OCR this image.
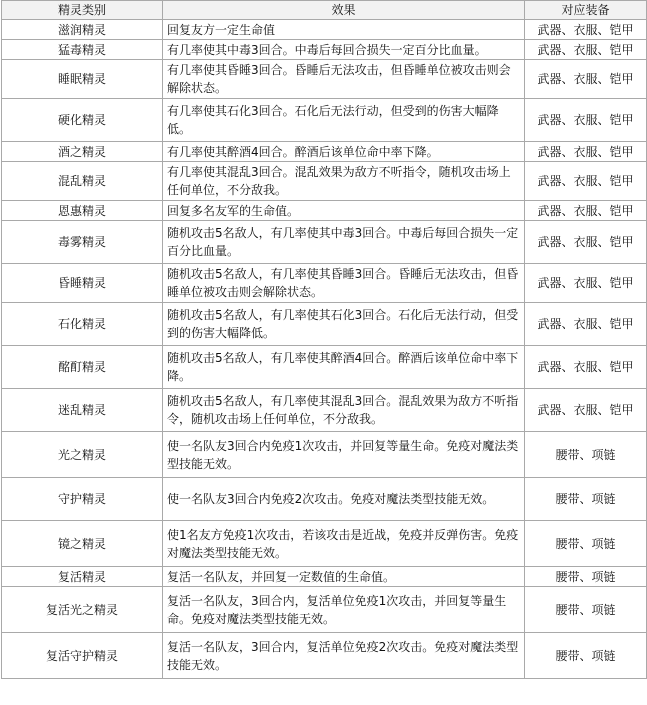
精灵类别	效果	对应装备
滋润精灵	回复友方一定生命值	武器、衣服、铠甲
猛毒精灵	有几率使其中毒3回合。中毒后每回合损失一定百分比血量。	武器、衣服、铠甲
睡眠精灵	有几率使其昏睡3回合。昏睡后无法攻击，但昏睡单位被攻击则会解除状态。	武器、衣服、铠甲
硬化精灵	有几率使其石化3回合。石化后无法行动，但受到的伤害大幅降低。	武器、衣服、铠甲
酒之精灵	有几率使其醉酒4回合。醉酒后该单位命中率下降。	武器、衣服、铠甲
混乱精灵	有几率使其混乱3回合。混乱效果为敌方不听指令，随机攻击场上任何单位，不分敌我。	武器、衣服、铠甲
恩惠精灵	回复多名友军的生命值。	武器、衣服、铠甲
毒雾精灵	随机攻击5名敌人，有几率使其中毒3回合。中毒后每回合损失一定百分比血量。	武器、衣服、铠甲
昏睡精灵	随机攻击5名敌人，有几率使其昏睡3回合。昏睡后无法攻击，但昏睡单位被攻击则会解除状态。	武器、衣服、铠甲
石化精灵	随机攻击5名敌人，有几率使其石化3回合。石化后无法行动，但受到的伤害大幅降低。	武器、衣服、铠甲
酩酊精灵	随机攻击5名敌人，有几率使其醉酒4回合。醉酒后该单位命中率下降。	武器、衣服、铠甲
迷乱精灵	随机攻击5名敌人，有几率使其混乱3回合。混乱效果为敌方不听指令，随机攻击场上任何单位，不分敌我。	武器、衣服、铠甲
光之精灵	使一名队友3回合内免疫1次攻击，并回复等量生命。免疫对魔法类型技能无效。	腰带、项链
守护精灵	使一名队友3回合内免疫2次攻击。免疫对魔法类型技能无效。	腰带、项链
镜之精灵	使1名友方免疫1次攻击，若该攻击是近战，免疫并反弹伤害。免疫对魔法类型技能无效。	腰带、项链
复活精灵	复活一名队友，并回复一定数值的生命值。	腰带、项链
复活光之精灵	复活一名队友，3回合内，复活单位免疫1次攻击，并回复等量生命。免疫对魔法类型技能无效。	腰带、项链
复活守护精灵	复活一名队友，3回合内，复活单位免疫2次攻击。免疫对魔法类型技能无效。	腰带、项链
